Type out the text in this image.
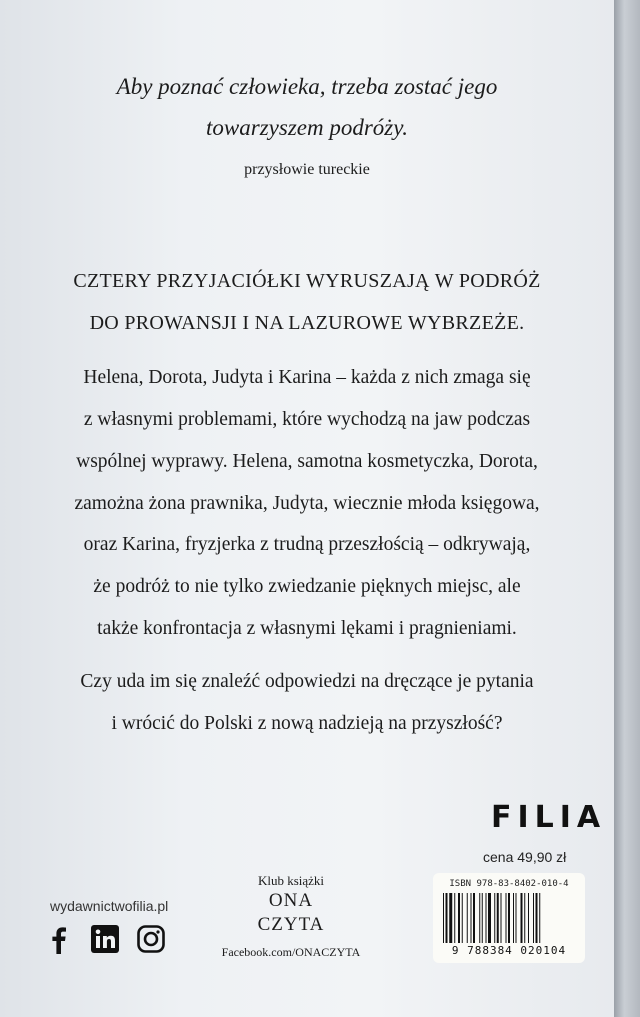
Aby poznać człowieka, trzeba zostać jego
towarzyszem podróży.
przysłowie tureckie
CZTERY PRZYJACIÓŁKI WYRUSZAJĄ W PODRÓŻ
DO PROWANSJI I NA LAZUROWE WYBRZEŻE.
Helena, Dorota, Judyta i Karina – każda z nich zmaga się
z własnymi problemami, które wychodzą na jaw podczas
wspólnej wyprawy. Helena, samotna kosmetyczka, Dorota,
zamożna żona prawnika, Judyta, wiecznie młoda księgowa,
oraz Karina, fryzjerka z trudną przeszłością – odkrywają,
że podróż to nie tylko zwiedzanie pięknych miejsc, ale
także konfrontacja z własnymi lękami i pragnieniami.
Czy uda im się znaleźć odpowiedzi na dręczące je pytania
i wrócić do Polski z nową nadzieją na przyszłość?
FILIA
cena 49,90 zł
wydawnictwofilia.pl
Klub książki
ONA
CZYTA
Facebook.com/ONACZYTA
ISBN 978-83-8402-010-4
9 788384 020104
